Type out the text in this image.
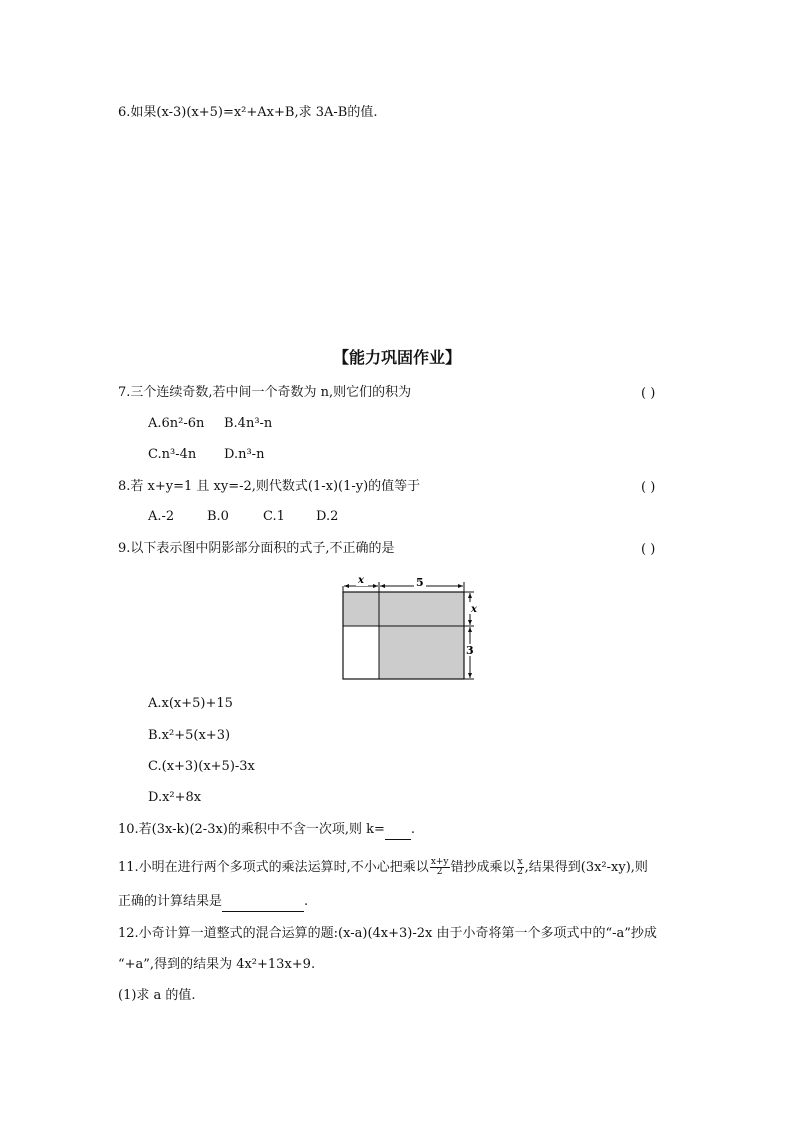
6.如果(x-3)(x+5)=x²+Ax+B,求 3A-B的值.
【能力巩固作业】
7.三个连续奇数,若中间一个奇数为 n,则它们的积为	( )
A.6n²-6n B.4n³-n
C.n³-4n D.n³-n
8.若 x+y=1 且 xy=-2,则代数式(1-x)(1-y)的值等于	( )
A.-2	B.0	C.1 D.2
9.以下表示图中阴影部分面积的式子,不正确的是	( )
x	5
x
3
A.x(x+5)+15
B.x²+5(x+3)
C.(x+3)(x+5)-3x
D.x²+8x
10.若(3x-k)(2-3x)的乘积中不含一次项,则 k= .
11.小明在进行两个多项式的乘法运算时,不小心把乘以 $\frac{x+y}{2}$ 错抄成乘以 $\frac{x}{2}$ ,结果得到(3x²-xy),则
正确的计算结果是	.
12.小奇计算一道整式的混合运算的题:(x-a)(4x+3)-2x 由于小奇将第一个多项式中的“-a”抄成
“+a”,得到的结果为 4x²+13x+9.
(1)求 a 的值.
